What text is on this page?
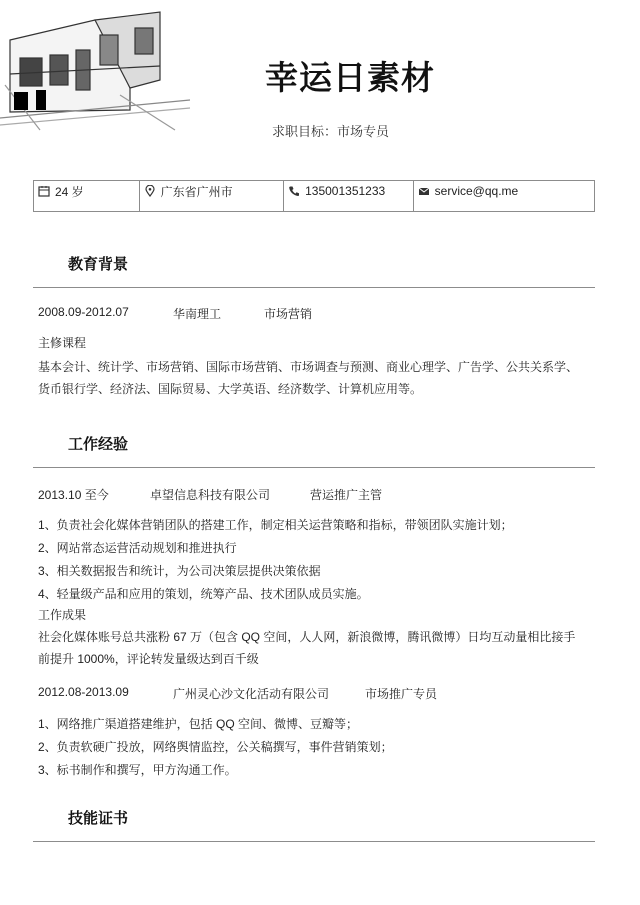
幸运日素材
求职目标：市场专员
24 岁	广东省广州市	135001351233	service@qq.me
教育背景
2008.09-2012.07	华南理工	市场营销
主修课程
基本会计、统计学、市场营销、国际市场营销、市场调查与预测、商业心理学、广告学、公共关系学、货币银行学、经济法、国际贸易、大学英语、经济数学、计算机应用等。
工作经验
2013.10 至今	卓望信息科技有限公司	营运推广主管
1、负责社会化媒体营销团队的搭建工作，制定相关运营策略和指标，带领团队实施计划；
2、网站常态运营活动规划和推进执行
3、相关数据报告和统计，为公司决策层提供决策依据
4、轻量级产品和应用的策划，统筹产品、技术团队成员实施。
工作成果
社会化媒体账号总共涨粉 67 万（包含 QQ 空间，人人网，新浪微博，腾讯微博）日均互动量相比接手前提升 1000%，评论转发量级达到百千级
2012.08-2013.09	广州灵心沙文化活动有限公司	市场推广专员
1、网络推广渠道搭建维护，包括 QQ 空间、微博、豆瓣等；
2、负责软硬广投放，网络舆情监控，公关稿撰写，事件营销策划；
3、标书制作和撰写，甲方沟通工作。
技能证书
